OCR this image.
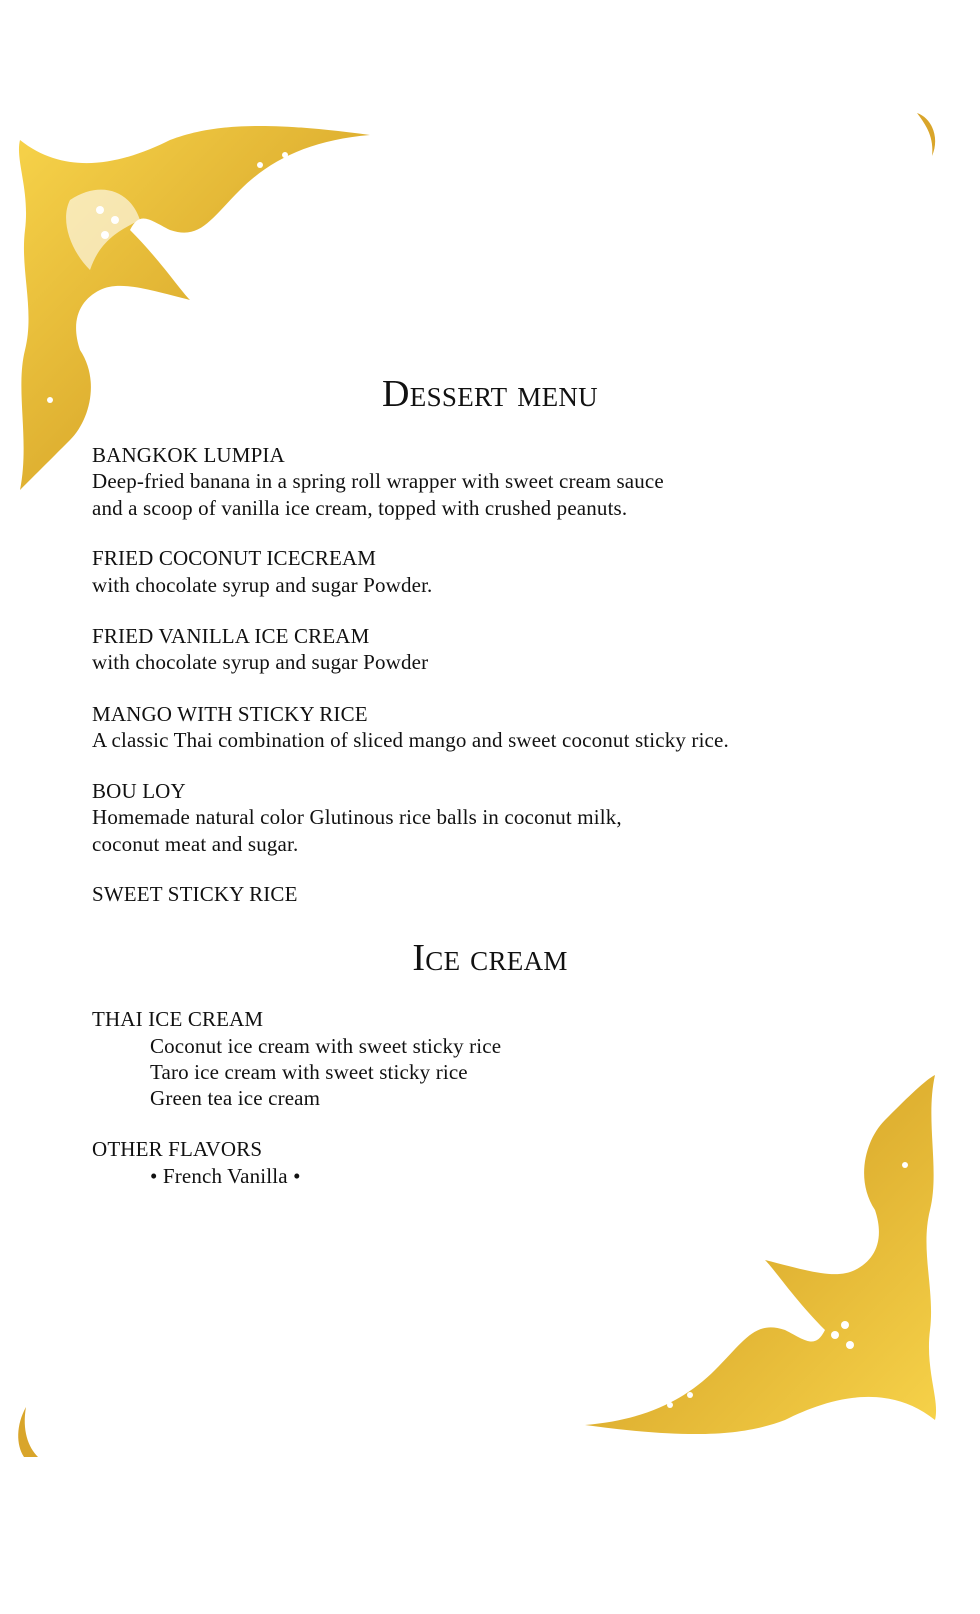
Dessert menu
BANGKOK LUMPIA
Deep-fried banana in a spring roll wrapper with sweet cream sauce
and a scoop of vanilla ice cream, topped with crushed peanuts.
FRIED COCONUT ICECREAM
with chocolate syrup and sugar Powder.
FRIED VANILLA ICE CREAM
with chocolate syrup and sugar Powder
MANGO WITH STICKY RICE
A classic Thai combination of sliced mango and sweet coconut sticky rice.
BOU LOY
Homemade natural color Glutinous rice balls in coconut milk,
coconut meat and sugar.
SWEET STICKY RICE
Ice cream
THAI ICE CREAM
Coconut ice cream with sweet sticky rice
Taro ice cream with sweet sticky rice
Green tea ice cream
OTHER FLAVORS
• French Vanilla •
